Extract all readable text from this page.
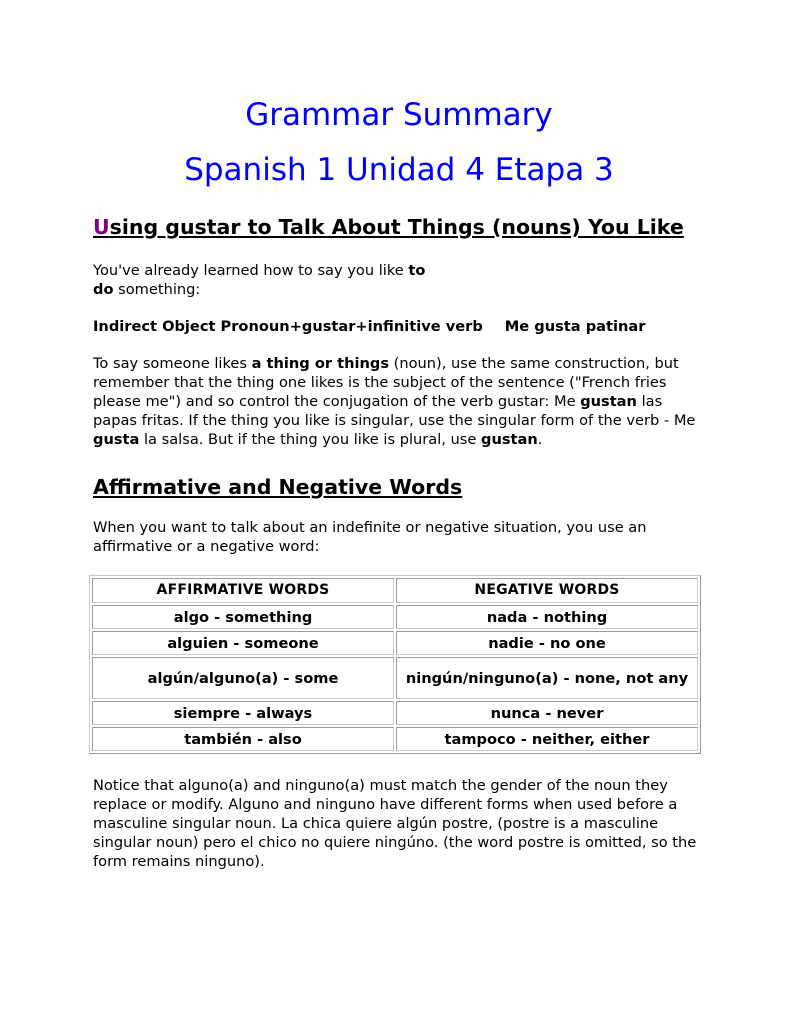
Grammar Summary
Spanish 1 Unidad 4 Etapa 3
Using gustar to Talk About Things (nouns) You Like

You've already learned how to say you like to
do something:

Indirect Object Pronoun+gustar+infinitive verb Me gusta patinar

To say someone likes a thing or things (noun), use the same construction, but remember that the thing one likes is the subject of the sentence ("French fries please me") and so control the conjugation of the verb gustar: Me gustan las papas fritas. If the thing you like is singular, use the singular form of the verb - Me gusta la salsa. But if the thing you like is plural, use gustan.

Affirmative and Negative Words

When you want to talk about an indefinite or negative situation, you use an affirmative or a negative word:

AFFIRMATIVE WORDS	NEGATIVE WORDS
algo - something	nada - nothing
alguien - someone	nadie - no one
algún/alguno(a) - some	ningún/ninguno(a) - none, not any
siempre - always	nunca - never
también - also	tampoco - neither, either

Notice that alguno(a) and ninguno(a) must match the gender of the noun they replace or modify. Alguno and ninguno have different forms when used before a masculine singular noun. La chica quiere algún postre, (postre is a masculine singular noun) pero el chico no quiere ningúno. (the word postre is omitted, so the form remains ninguno).
